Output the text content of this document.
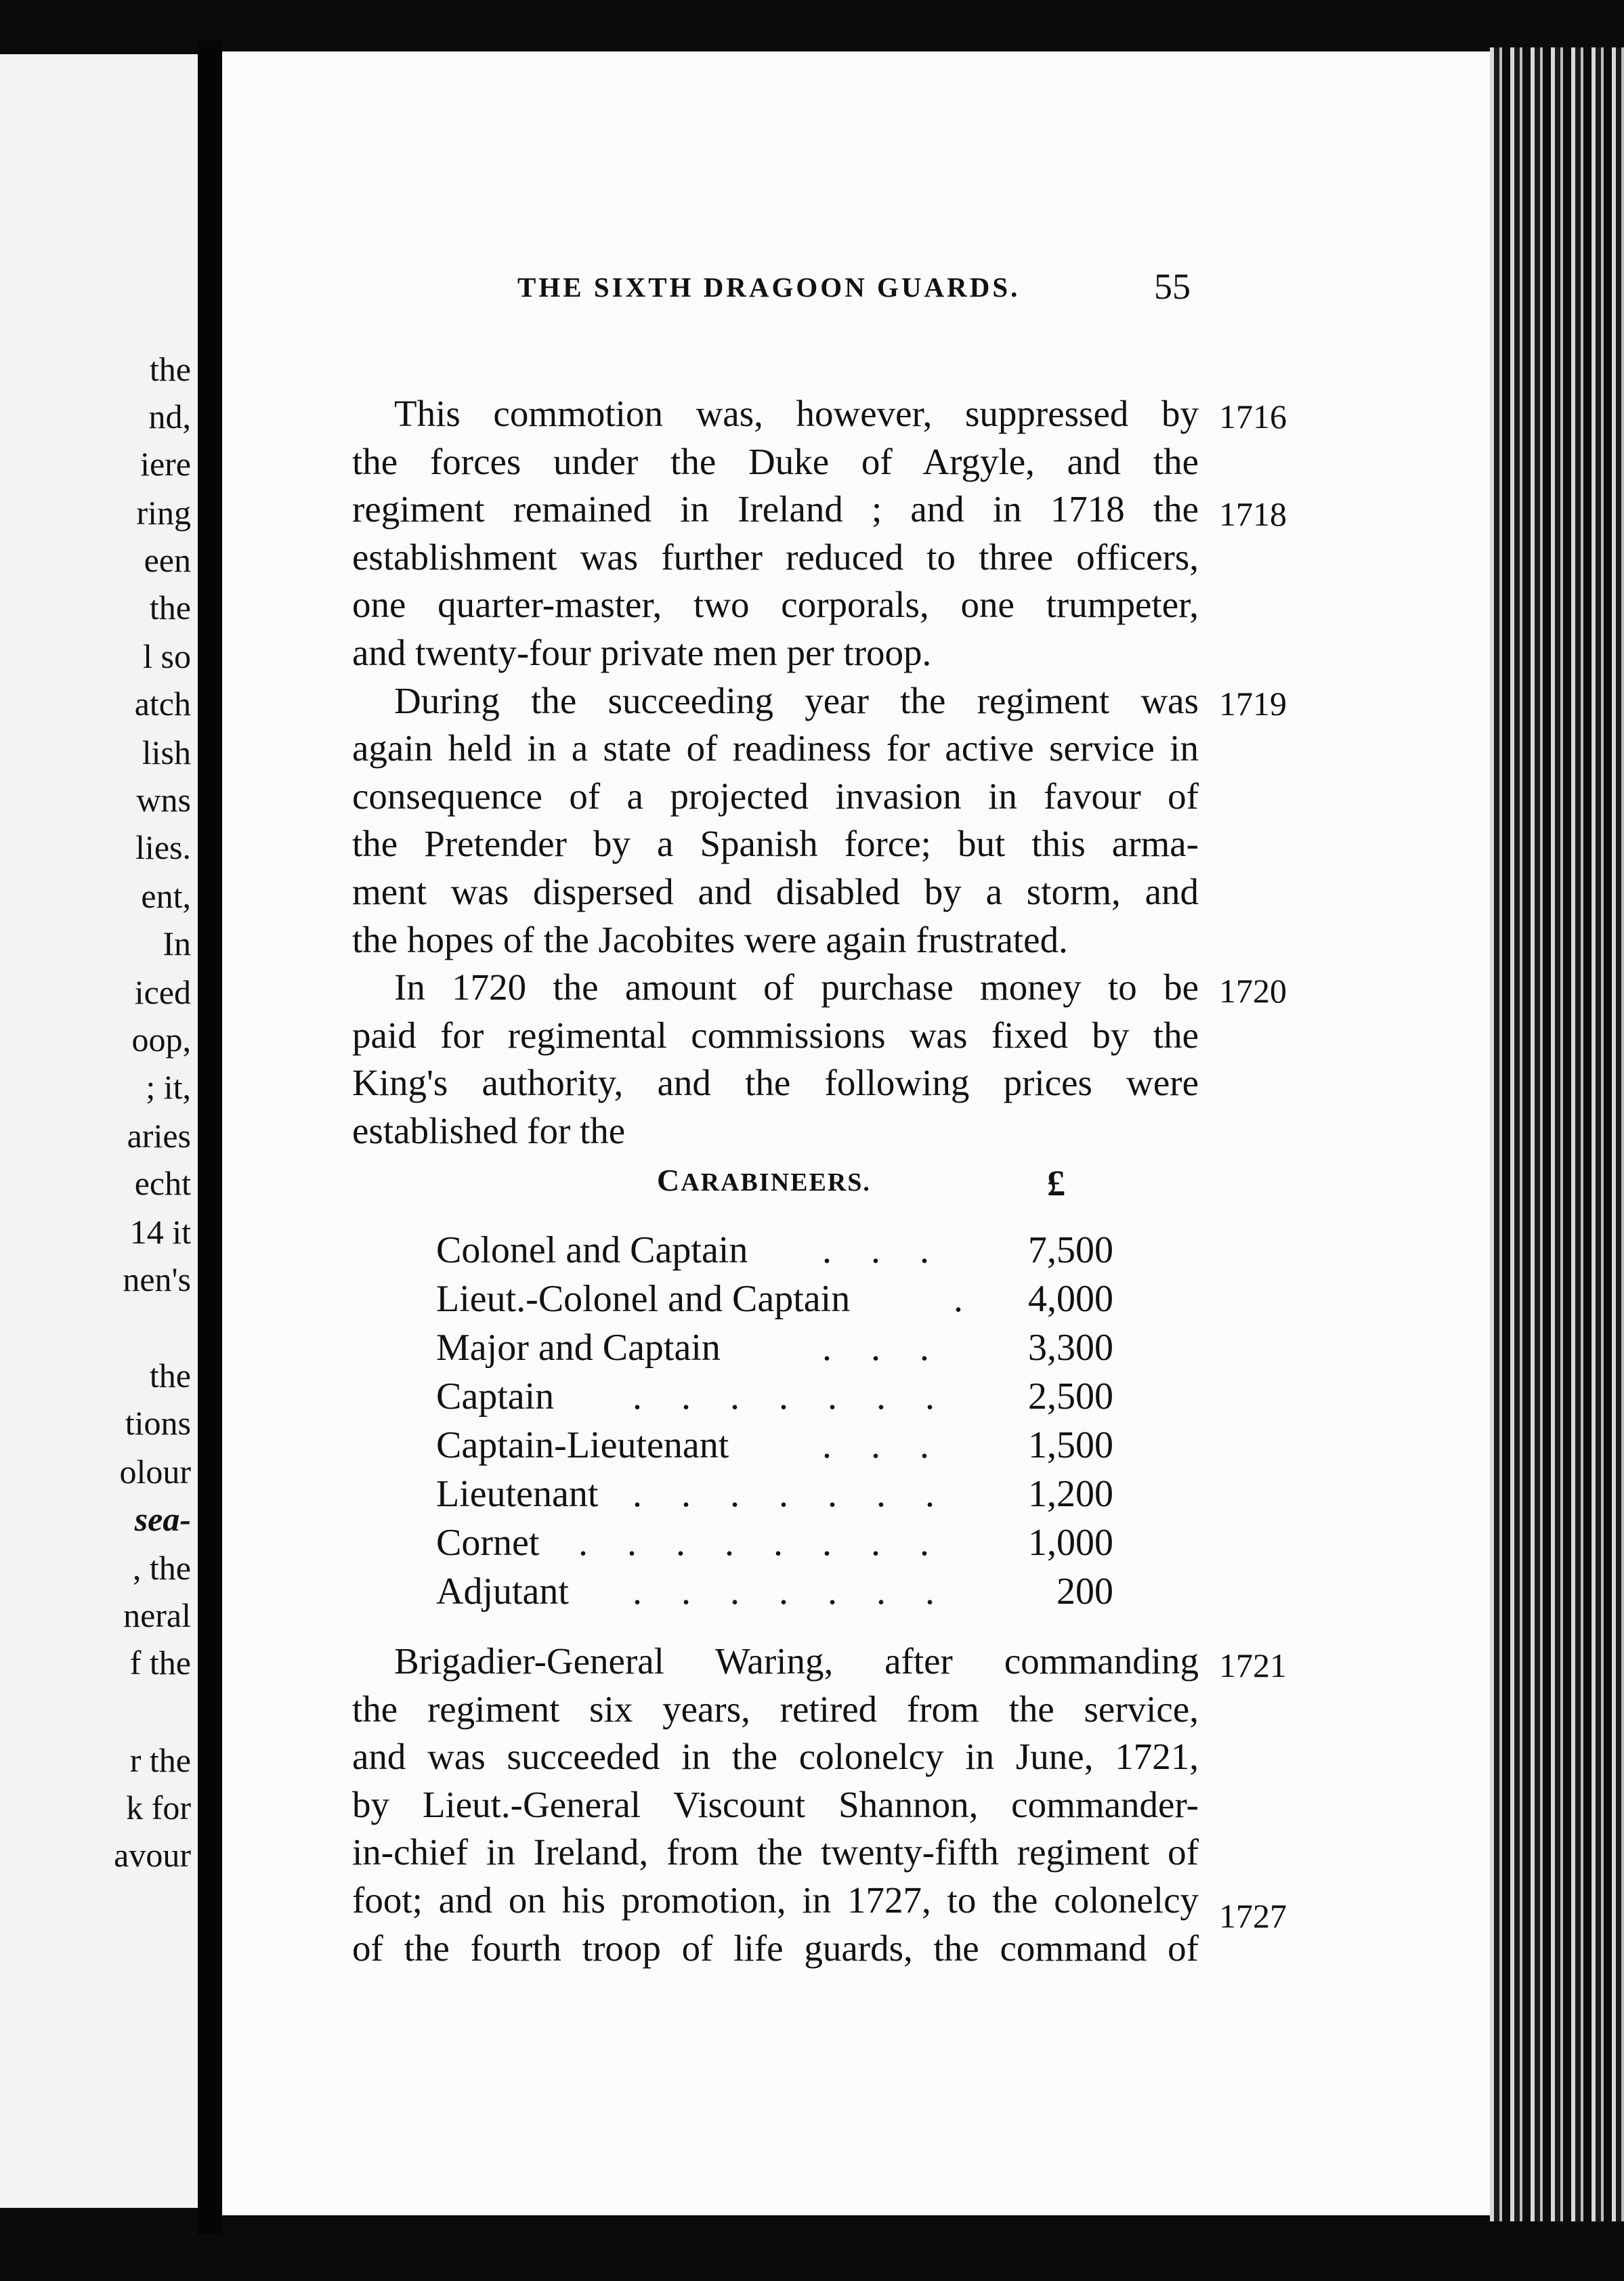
the
nd,
iere
ring
een
the
l so
atch
lish
wns
lies.
ent,
In
iced
oop,
; it,
aries
echt
14 it
nen's
the
tions
olour
sea-
, the
neral
f the
r the
k for
avour
THE SIXTH DRAGOON GUARDS.	55
1716
1718
1719
1720
1721
1727
This commotion was, however, suppressed by
the forces under the Duke of Argyle, and the
regiment remained in Ireland ; and in 1718 the
establishment was further reduced to three officers,
one quarter-master, two corporals, one trumpeter,
and twenty-four private men per troop.
During the succeeding year the regiment was
again held in a state of readiness for active service in
consequence of a projected invasion in favour of
the Pretender by a Spanish force; but this arma-
ment was dispersed and disabled by a storm, and
the hopes of the Jacobites were again frustrated.
In 1720 the amount of purchase money to be
paid for regimental commissions was fixed by the
King's authority, and the following prices were
established for the
CARABINEERS.	£
Colonel and Captain . . .	7,500
Lieut.-Colonel and Captain	.	4,000
Major and Captain	. . .	3,300
Captain . . . . . . .	2,500
Captain-Lieutenant . . .	1,500
Lieutenant . . . . . . .	1,200
Cornet . . . . . . . .	1,000
Adjutant . . . . . . .	200
Brigadier-General Waring, after commanding
the regiment six years, retired from the service,
and was succeeded in the colonelcy in June, 1721,
by Lieut.-General Viscount Shannon, commander-
in-chief in Ireland, from the twenty-fifth regiment of
foot; and on his promotion, in 1727, to the colonelcy
of the fourth troop of life guards, the command of
